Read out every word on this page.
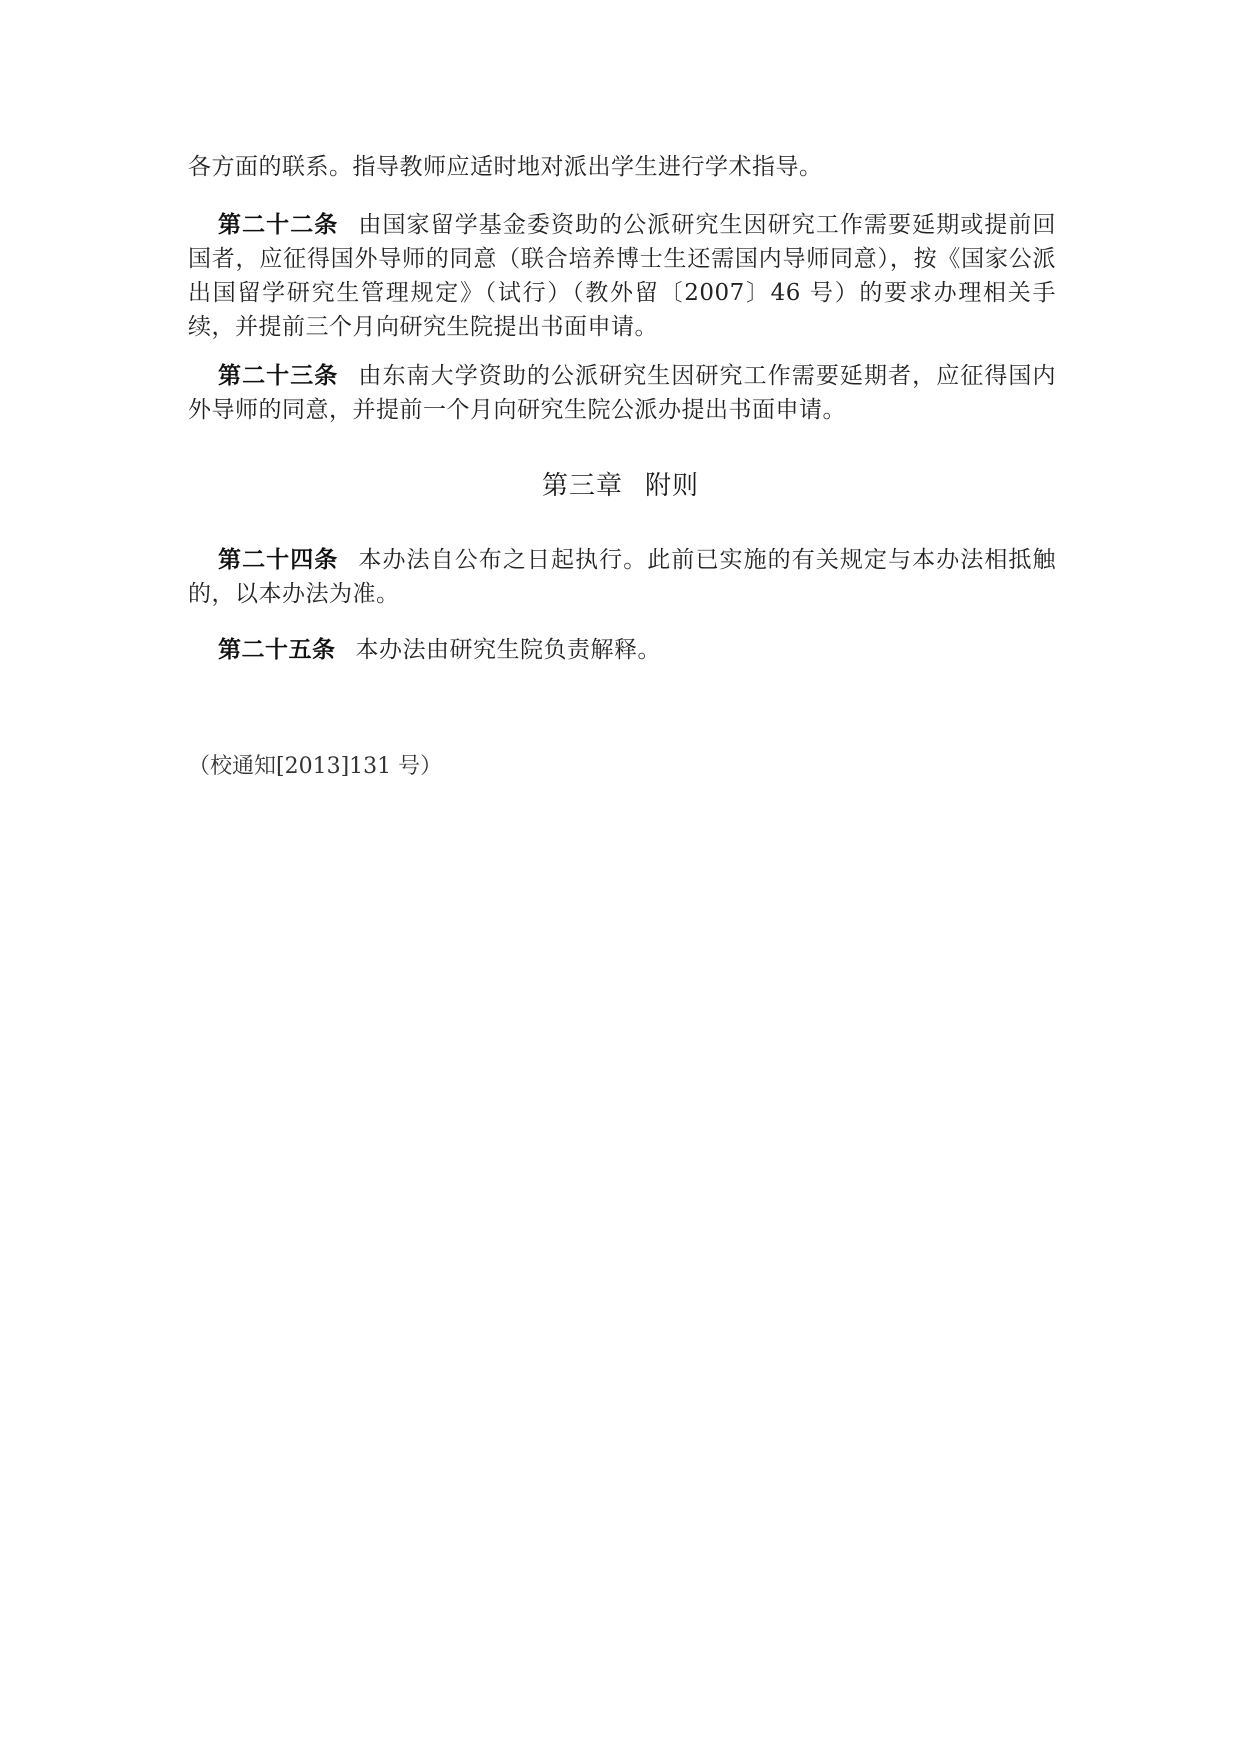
各方面的联系。指导教师应适时地对派出学生进行学术指导。
第二十二条 由国家留学基金委资助的公派研究生因研究工作需要延期或提前回国者，应征得国外导师的同意（联合培养博士生还需国内导师同意），按《国家公派出国留学研究生管理规定》（试行）（教外留〔2007〕46 号）的要求办理相关手续，并提前三个月向研究生院提出书面申请。
第二十三条 由东南大学资助的公派研究生因研究工作需要延期者，应征得国内外导师的同意，并提前一个月向研究生院公派办提出书面申请。
第三章 附则
第二十四条 本办法自公布之日起执行。此前已实施的有关规定与本办法相抵触的，以本办法为准。
第二十五条 本办法由研究生院负责解释。
（校通知[2013]131 号）
